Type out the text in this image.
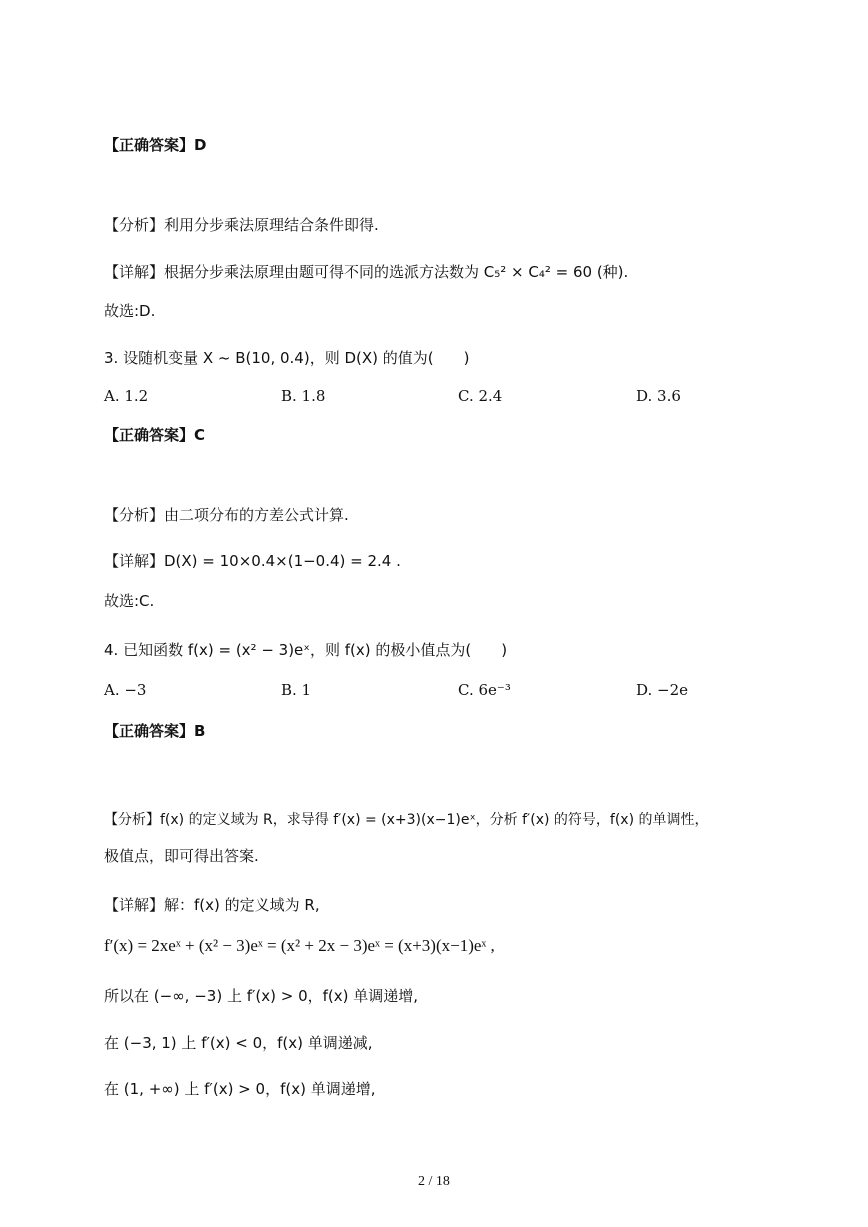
【正确答案】D
【分析】利用分步乘法原理结合条件即得.
【详解】根据分步乘法原理由题可得不同的选派方法数为 C₅² × C₄² = 60 (种).
故选:D.
3. 设随机变量 X ~ B(10, 0.4)，则 D(X) 的值为(　　)
A. 1.2	B. 1.8	C. 2.4	D. 3.6
【正确答案】C
【分析】由二项分布的方差公式计算.
【详解】D(X) = 10×0.4×(1−0.4) = 2.4 .
故选:C.
4. 已知函数 f(x) = (x² − 3)eˣ，则 f(x) 的极小值点为(　　)
A. −3	B. 1	C. 6e⁻³	D. −2e
【正确答案】B
【分析】f(x) 的定义域为 R，求导得 f′(x) = (x+3)(x−1)eˣ，分析 f′(x) 的符号，f(x) 的单调性，
极值点，即可得出答案.
【详解】解：f(x) 的定义域为 R,
f′(x) = 2xeˣ + (x² − 3)eˣ = (x² + 2x − 3)eˣ = (x+3)(x−1)eˣ ,
所以在 (−∞, −3) 上 f′(x) > 0，f(x) 单调递增,
在 (−3, 1) 上 f′(x) < 0，f(x) 单调递减,
在 (1, +∞) 上 f′(x) > 0，f(x) 单调递增,
2 / 18
